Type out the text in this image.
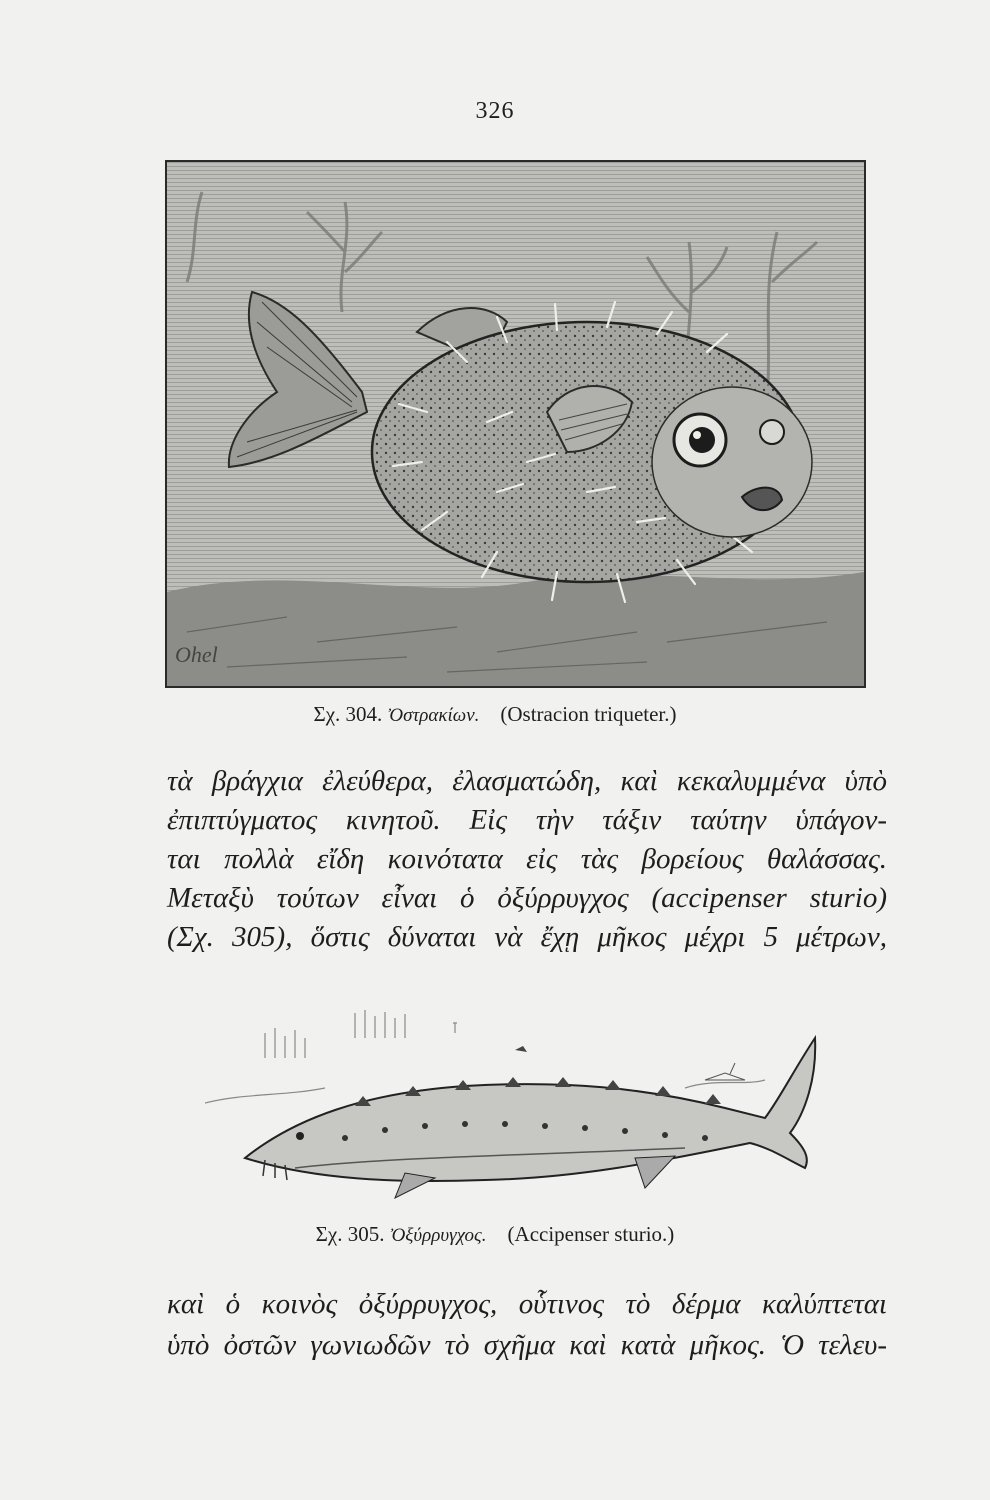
326
Ohel
Σχ. 304. Ὀστρακίων. (Ostracion triqueter.)
τὰ βράγχια ἐλεύθερα, ἐλασματώδη, καὶ κεκαλυμμένα ὑπὸ
ἐπιπτύγματος κινητοῦ. Εἰς τὴν τάξιν ταύτην ὑπάγον-
ται πολλὰ εἴδη κοινότατα εἰς τὰς βορείους θαλάσσας.
Μεταξὺ τούτων εἶναι ὁ ὀξύρρυγχος (accipenser sturio)
(Σχ. 305), ὅστις δύναται νὰ ἔχῃ μῆκος μέχρι 5 μέτρων,
Σχ. 305. Ὀξύρρυγχος. (Accipenser sturio.)
καὶ ὁ κοινὸς ὀξύρρυγχος, οὗτινος τὸ δέρμα καλύπτεται
ὑπὸ ὀστῶν γωνιωδῶν τὸ σχῆμα καὶ κατὰ μῆκος. Ὁ τελευ-
